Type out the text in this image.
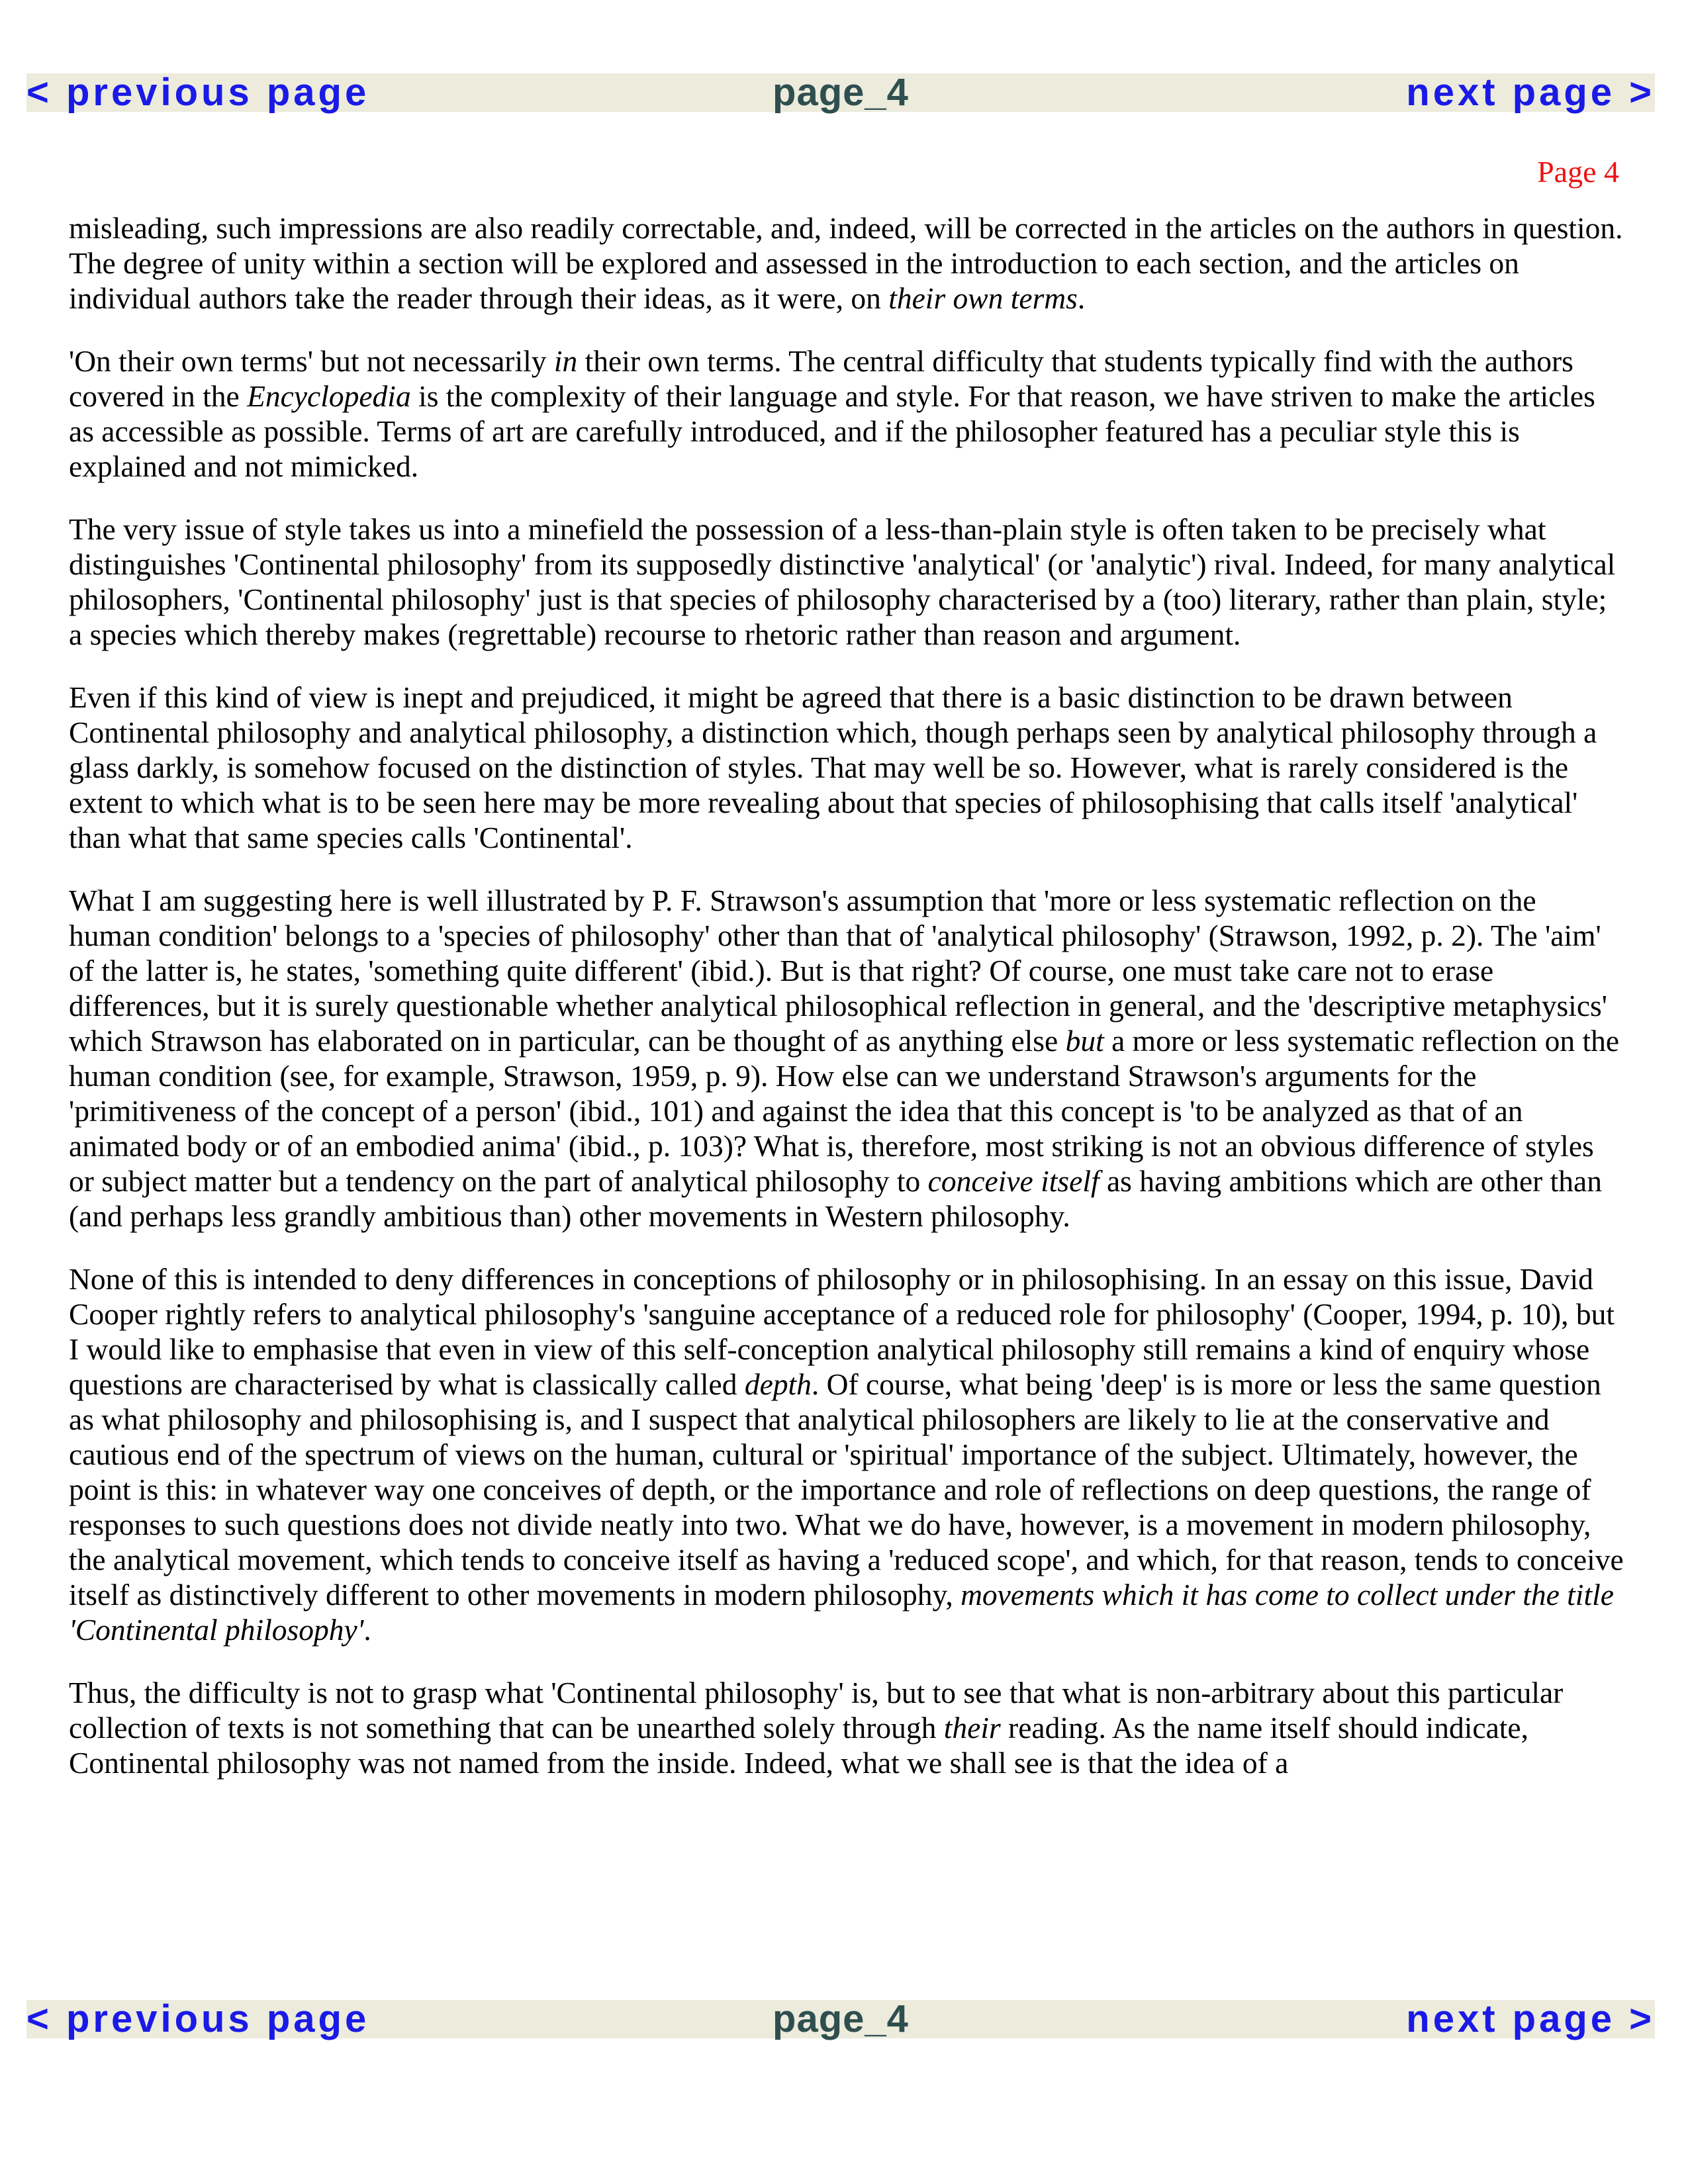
< previous page	page_4	next page >
Page 4

misleading, such impressions are also readily correctable, and, indeed, will be corrected in the articles on the authors in question. The degree of unity within a section will be explored and assessed in the introduction to each section, and the articles on individual authors take the reader through their ideas, as it were, on their own terms.

'On their own terms' but not necessarily in their own terms. The central difficulty that students typically find with the authors covered in the Encyclopedia is the complexity of their language and style. For that reason, we have striven to make the articles as accessible as possible. Terms of art are carefully introduced, and if the philosopher featured has a peculiar style this is explained and not mimicked.

The very issue of style takes us into a minefield the possession of a less-than-plain style is often taken to be precisely what distinguishes 'Continental philosophy' from its supposedly distinctive 'analytical' (or 'analytic') rival. Indeed, for many analytical philosophers, 'Continental philosophy' just is that species of philosophy characterised by a (too) literary, rather than plain, style; a species which thereby makes (regrettable) recourse to rhetoric rather than reason and argument.

Even if this kind of view is inept and prejudiced, it might be agreed that there is a basic distinction to be drawn between Continental philosophy and analytical philosophy, a distinction which, though perhaps seen by analytical philosophy through a glass darkly, is somehow focused on the distinction of styles. That may well be so. However, what is rarely considered is the extent to which what is to be seen here may be more revealing about that species of philosophising that calls itself 'analytical' than what that same species calls 'Continental'.

What I am suggesting here is well illustrated by P. F. Strawson's assumption that 'more or less systematic reflection on the human condition' belongs to a 'species of philosophy' other than that of 'analytical philosophy' (Strawson, 1992, p. 2). The 'aim' of the latter is, he states, 'something quite different' (ibid.). But is that right? Of course, one must take care not to erase differences, but it is surely questionable whether analytical philosophical reflection in general, and the 'descriptive metaphysics' which Strawson has elaborated on in particular, can be thought of as anything else but a more or less systematic reflection on the human condition (see, for example, Strawson, 1959, p. 9). How else can we understand Strawson's arguments for the 'primitiveness of the concept of a person' (ibid., 101) and against the idea that this concept is 'to be analyzed as that of an animated body or of an embodied anima' (ibid., p. 103)? What is, therefore, most striking is not an obvious difference of styles or subject matter but a tendency on the part of analytical philosophy to conceive itself as having ambitions which are other than (and perhaps less grandly ambitious than) other movements in Western philosophy.

None of this is intended to deny differences in conceptions of philosophy or in philosophising. In an essay on this issue, David Cooper rightly refers to analytical philosophy's 'sanguine acceptance of a reduced role for philosophy' (Cooper, 1994, p. 10), but I would like to emphasise that even in view of this self-conception analytical philosophy still remains a kind of enquiry whose questions are characterised by what is classically called depth. Of course, what being 'deep' is is more or less the same question as what philosophy and philosophising is, and I suspect that analytical philosophers are likely to lie at the conservative and cautious end of the spectrum of views on the human, cultural or 'spiritual' importance of the subject. Ultimately, however, the point is this: in whatever way one conceives of depth, or the importance and role of reflections on deep questions, the range of responses to such questions does not divide neatly into two. What we do have, however, is a movement in modern philosophy, the analytical movement, which tends to conceive itself as having a 'reduced scope', and which, for that reason, tends to conceive itself as distinctively different to other movements in modern philosophy, movements which it has come to collect under the title 'Continental philosophy'.

Thus, the difficulty is not to grasp what 'Continental philosophy' is, but to see that what is non-arbitrary about this particular collection of texts is not something that can be unearthed solely through their reading. As the name itself should indicate, Continental philosophy was not named from the inside. Indeed, what we shall see is that the idea of a

< previous page	page_4	next page >
